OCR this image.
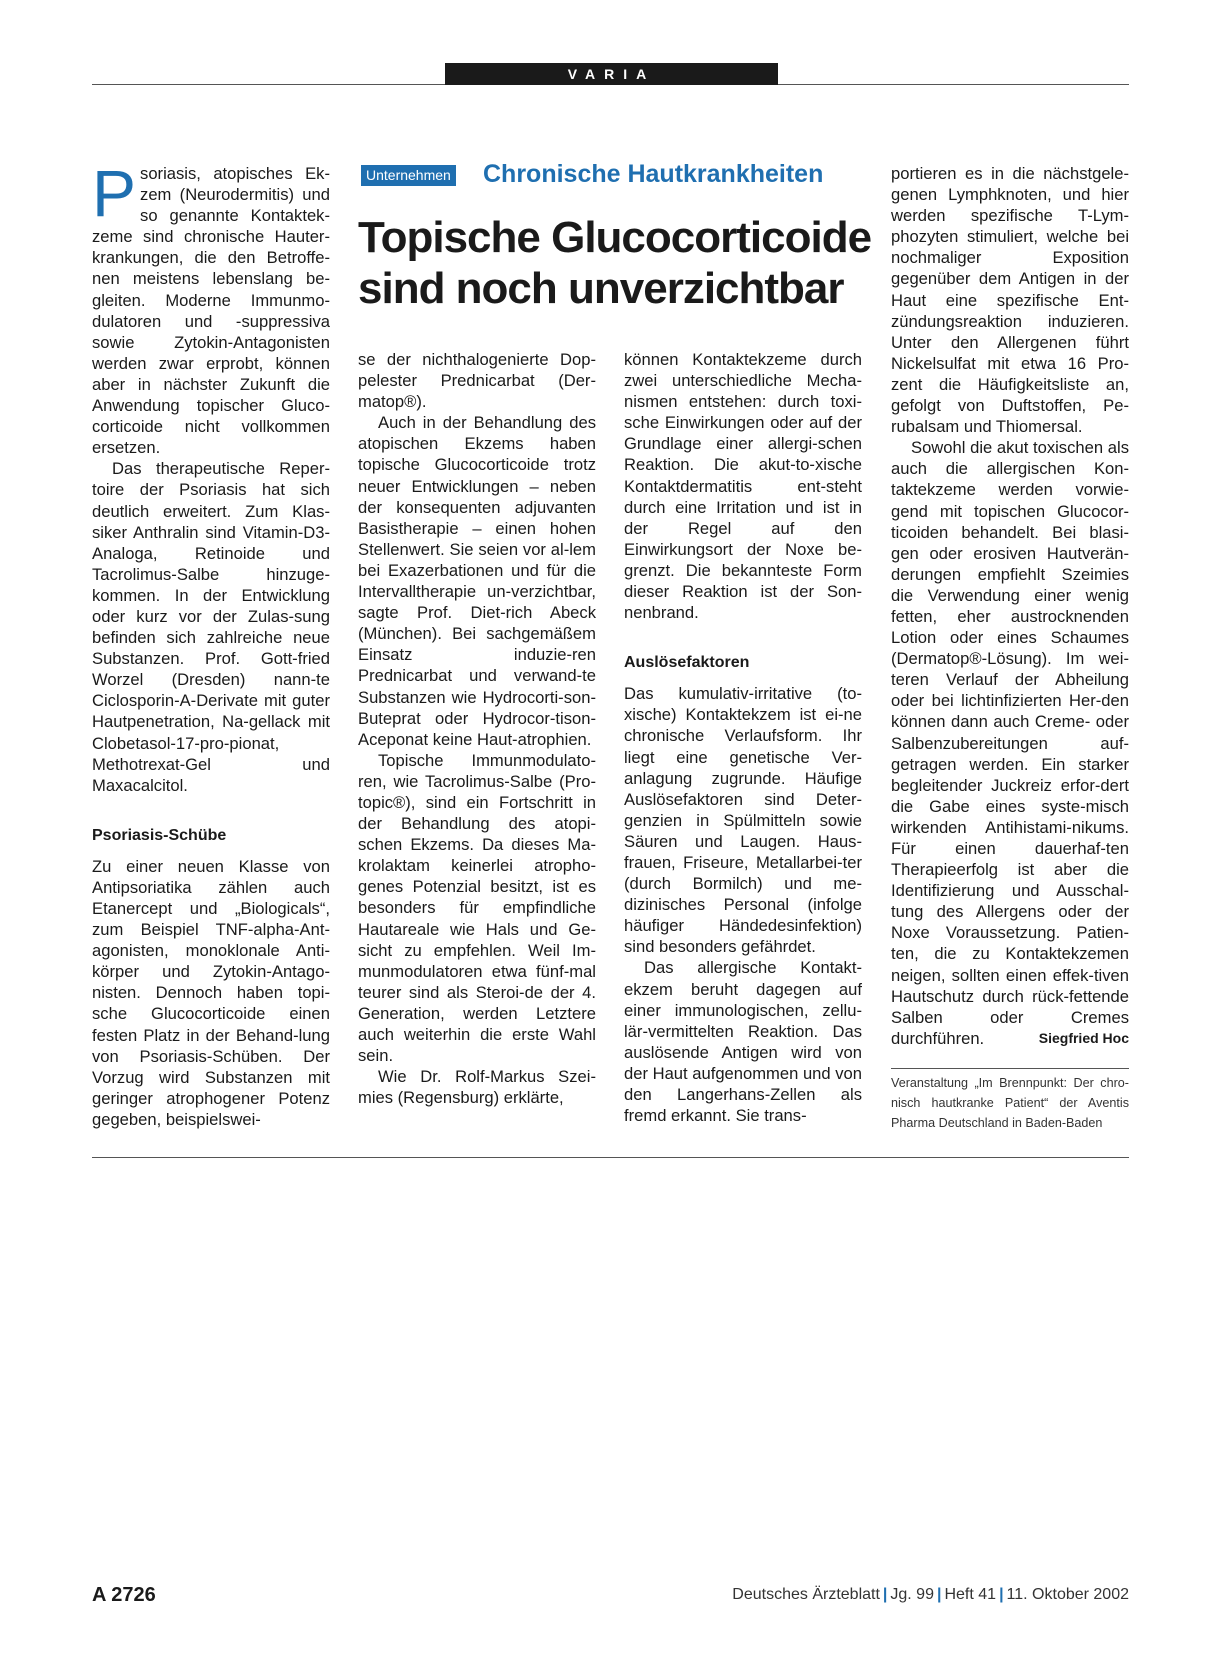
VARIA
Unternehmen Chronische Hautkrankheiten
Topische Glucocorticoide
sind noch unverzichtbar

Psoriasis, atopisches Ek-zem (Neurodermitis) und so genannte Kontaktek-zeme sind chronische Hauter-krankungen, die den Betroffe-nen meistens lebenslang be-gleiten. Moderne Immunmo-dulatoren und -suppressiva sowie Zytokin-Antagonisten werden zwar erprobt, können aber in nächster Zukunft die Anwendung topischer Gluco-corticoide nicht vollkommen ersetzen.

Das therapeutische Reper-toire der Psoriasis hat sich deutlich erweitert. Zum Klas-siker Anthralin sind Vitamin-D3-Analoga, Retinoide und Tacrolimus-Salbe hinzuge-kommen. In der Entwicklung oder kurz vor der Zulas-sung befinden sich zahlreiche neue Substanzen. Prof. Gott-fried Worzel (Dresden) nann-te Ciclosporin-A-Derivate mit guter Hautpenetration, Na-gellack mit Clobetasol-17-pro-pionat, Methotrexat-Gel und Maxacalcitol.

Psoriasis-Schübe

Zu einer neuen Klasse von Antipsoriatika zählen auch Etanercept und „Biologicals“, zum Beispiel TNF-alpha-Ant-agonisten, monoklonale Anti-körper und Zytokin-Antago-nisten. Dennoch haben topi-sche Glucocorticoide einen festen Platz in der Behand-lung von Psoriasis-Schüben. Der Vorzug wird Substanzen mit geringer atrophogener Potenz gegeben, beispielswei-

se der nichthalogenierte Dop-pelester Prednicarbat (Der-matop®).

Auch in der Behandlung des atopischen Ekzems haben topische Glucocorticoide trotz neuer Entwicklungen – neben der konsequenten adjuvanten Basistherapie – einen hohen Stellenwert. Sie seien vor al-lem bei Exazerbationen und für die Intervalltherapie un-verzichtbar, sagte Prof. Diet-rich Abeck (München). Bei sachgemäßem Einsatz induzie-ren Prednicarbat und verwand-te Substanzen wie Hydrocorti-son-Buteprat oder Hydrocor-tison-Aceponat keine Haut-atrophien.

Topische Immunmodulato-ren, wie Tacrolimus-Salbe (Pro-topic®), sind ein Fortschritt in der Behandlung des atopi-schen Ekzems. Da dieses Ma-krolaktam keinerlei atropho-genes Potenzial besitzt, ist es besonders für empfindliche Hautareale wie Hals und Ge-sicht zu empfehlen. Weil Im-munmodulatoren etwa fünf-mal teurer sind als Steroi-de der 4. Generation, werden Letztere auch weiterhin die erste Wahl sein.

Wie Dr. Rolf-Markus Szei-mies (Regensburg) erklärte,

können Kontaktekzeme durch zwei unterschiedliche Mecha-nismen entstehen: durch toxi-sche Einwirkungen oder auf der Grundlage einer allergi-schen Reaktion. Die akut-to-xische Kontaktdermatitis ent-steht durch eine Irritation und ist in der Regel auf den Einwirkungsort der Noxe be-grenzt. Die bekannteste Form dieser Reaktion ist der Son-nenbrand.

Auslösefaktoren

Das kumulativ-irritative (to-xische) Kontaktekzem ist ei-ne chronische Verlaufsform. Ihr liegt eine genetische Ver-anlagung zugrunde. Häufige Auslösefaktoren sind Deter-genzien in Spülmitteln sowie Säuren und Laugen. Haus-frauen, Friseure, Metallarbei-ter (durch Bormilch) und me-dizinisches Personal (infolge häufiger Händedesinfektion) sind besonders gefährdet.

Das allergische Kontakt-ekzem beruht dagegen auf einer immunologischen, zellu-lär-vermittelten Reaktion. Das auslösende Antigen wird von der Haut aufgenommen und von den Langerhans-Zellen als fremd erkannt. Sie trans-

portieren es in die nächstgele-genen Lymphknoten, und hier werden spezifische T-Lym-phozyten stimuliert, welche bei nochmaliger Exposition gegenüber dem Antigen in der Haut eine spezifische Ent-zündungsreaktion induzieren. Unter den Allergenen führt Nickelsulfat mit etwa 16 Pro-zent die Häufigkeitsliste an, gefolgt von Duftstoffen, Pe-rubalsam und Thiomersal.

Sowohl die akut toxischen als auch die allergischen Kon-taktekzeme werden vorwie-gend mit topischen Glucocor-ticoiden behandelt. Bei blasi-gen oder erosiven Hautverän-derungen empfiehlt Szeimies die Verwendung einer wenig fetten, eher austrocknenden Lotion oder eines Schaumes (Dermatop®-Lösung). Im wei-teren Verlauf der Abheilung oder bei lichtinfizierten Her-den können dann auch Creme- oder Salbenzubereitungen auf-getragen werden. Ein starker begleitender Juckreiz erfor-dert die Gabe eines syste-misch wirkenden Antihistami-nikums. Für einen dauerhaf-ten Therapieerfolg ist aber die Identifizierung und Ausschal-tung des Allergens oder der Noxe Voraussetzung. Patien-ten, die zu Kontaktekzemen neigen, sollten einen effek-tiven Hautschutz durch rück-fettende Salben oder Cremes durchführen.	Siegfried Hoc

Veranstaltung „Im Brennpunkt: Der chro-nisch hautkranke Patient“ der Aventis Pharma Deutschland in Baden-Baden
A 2726	Deutsches Ärzteblatt | Jg. 99 | Heft 41 | 11. Oktober 2002
